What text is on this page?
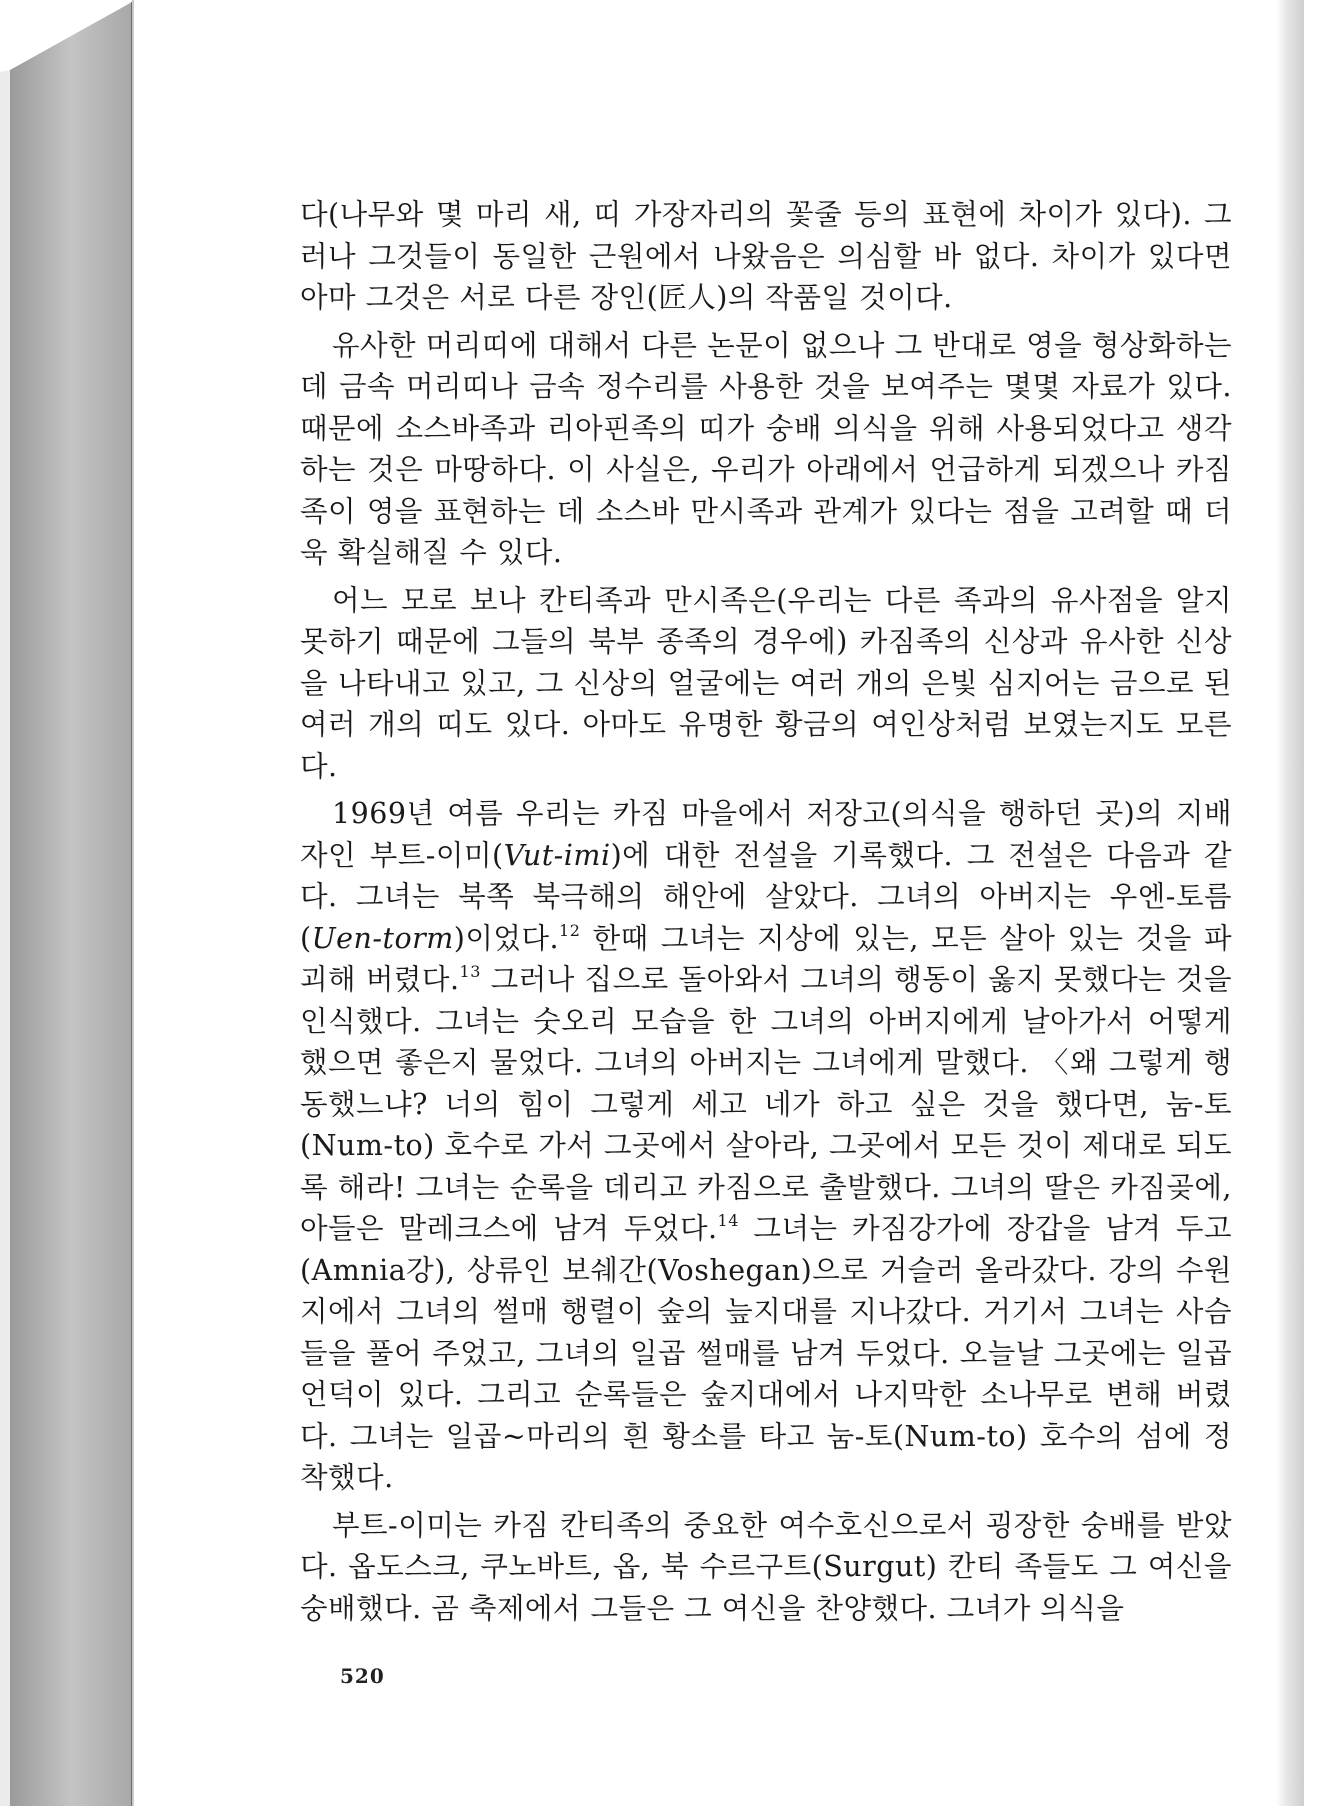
다(나무와 몇 마리 새, 띠 가장자리의 꽃줄 등의 표현에 차이가 있다). 그러나 그것들이 동일한 근원에서 나왔음은 의심할 바 없다. 차이가 있다면 아마 그것은 서로 다른 장인(匠人)의 작품일 것이다.

유사한 머리띠에 대해서 다른 논문이 없으나 그 반대로 영을 형상화하는 데 금속 머리띠나 금속 정수리를 사용한 것을 보여주는 몇몇 자료가 있다. 때문에 소스바족과 리아핀족의 띠가 숭배 의식을 위해 사용되었다고 생각하는 것은 마땅하다. 이 사실은, 우리가 아래에서 언급하게 되겠으나 카짐족이 영을 표현하는 데 소스바 만시족과 관계가 있다는 점을 고려할 때 더욱 확실해질 수 있다.

어느 모로 보나 칸티족과 만시족은(우리는 다른 족과의 유사점을 알지 못하기 때문에 그들의 북부 종족의 경우에) 카짐족의 신상과 유사한 신상을 나타내고 있고, 그 신상의 얼굴에는 여러 개의 은빛 심지어는 금으로 된 여러 개의 띠도 있다. 아마도 유명한 황금의 여인상처럼 보였는지도 모른다.

1969년 여름 우리는 카짐 마을에서 저장고(의식을 행하던 곳)의 지배자인 부트-이미(Vut-imi)에 대한 전설을 기록했다. 그 전설은 다음과 같다. 그녀는 북쪽 북극해의 해안에 살았다. 그녀의 아버지는 우엔-토름(Uen-torm)이었다.$^{12}$ 한때 그녀는 지상에 있는, 모든 살아 있는 것을 파괴해 버렸다.$^{13}$ 그러나 집으로 돌아와서 그녀의 행동이 옳지 못했다는 것을 인식했다. 그녀는 숫오리 모습을 한 그녀의 아버지에게 날아가서 어떻게 했으면 좋은지 물었다. 그녀의 아버지는 그녀에게 말했다. 〈왜 그렇게 행동했느냐? 너의 힘이 그렇게 세고 네가 하고 싶은 것을 했다면, 눔-토(Num-to) 호수로 가서 그곳에서 살아라, 그곳에서 모든 것이 제대로 되도록 해라! 그녀는 순록을 데리고 카짐으로 출발했다. 그녀의 딸은 카짐곶에, 아들은 말레크스에 남겨 두었다.$^{14}$ 그녀는 카짐강가에 장갑을 남겨 두고(Amnia강), 상류인 보쉐간(Voshegan)으로 거슬러 올라갔다. 강의 수원지에서 그녀의 썰매 행렬이 숲의 늪지대를 지나갔다. 거기서 그녀는 사슴들을 풀어 주었고, 그녀의 일곱 썰매를 남겨 두었다. 오늘날 그곳에는 일곱 언덕이 있다. 그리고 순록들은 숲지대에서 나지막한 소나무로 변해 버렸다. 그녀는 일곱~마리의 흰 황소를 타고 눔-토(Num-to) 호수의 섬에 정착했다.

부트-이미는 카짐 칸티족의 중요한 여수호신으로서 굉장한 숭배를 받았다. 옵도스크, 쿠노바트, 옵, 북 수르구트(Surgut) 칸티 족들도 그 여신을 숭배했다. 곰 축제에서 그들은 그 여신을 찬양했다. 그녀가 의식을

520
